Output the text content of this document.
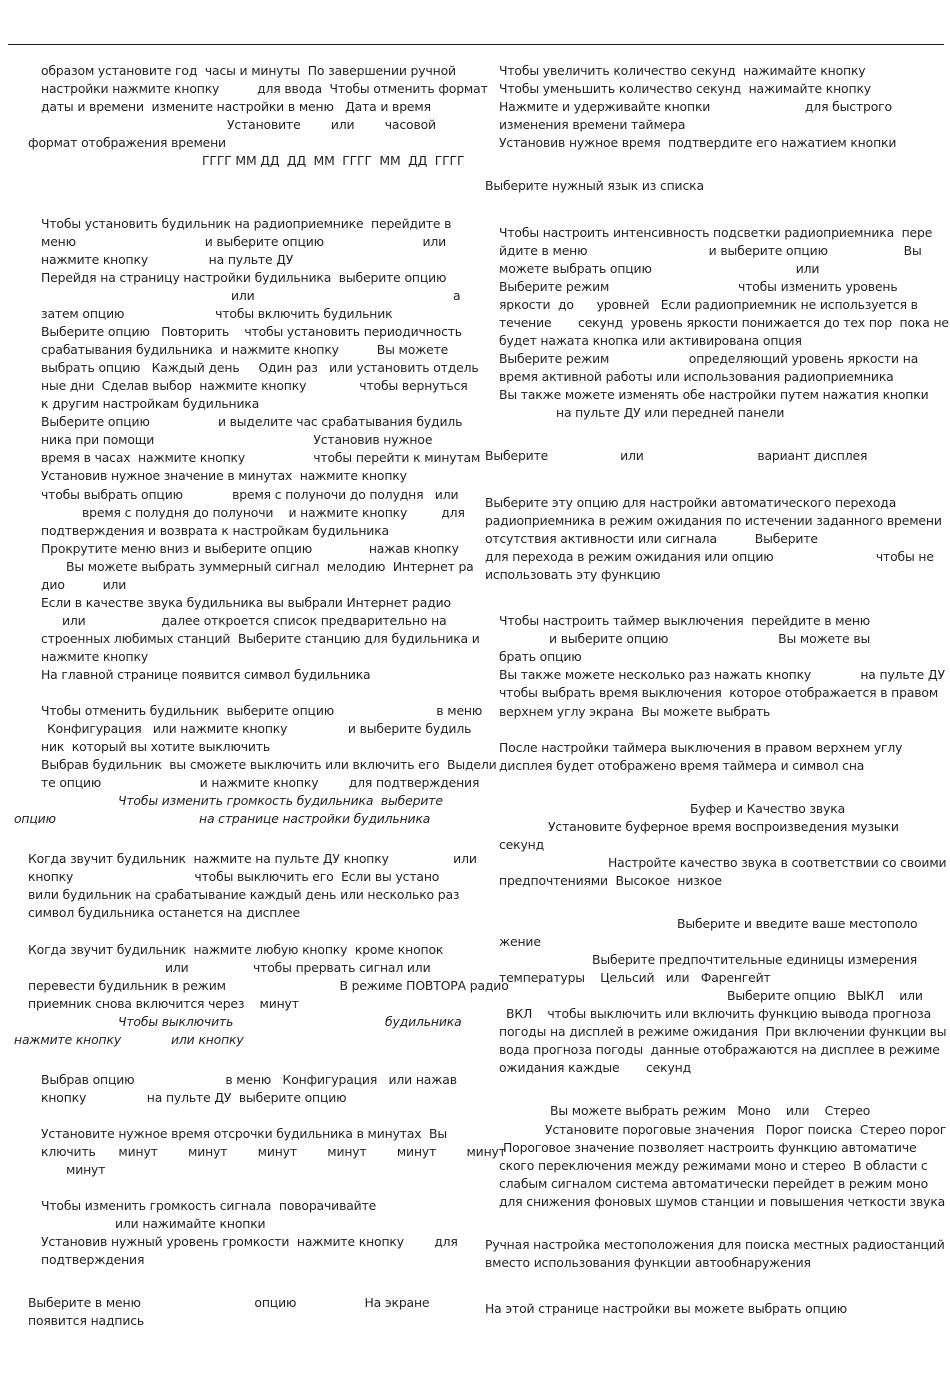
образом установите год  часы и минуты  По завершении ручной
настройки нажмите кнопку          для ввода  Чтобы отменить формат
даты и времени  измените настройки в меню   Дата и время
Установите        или        часовой
формат отображения времени
ГГГГ ММ ДД  ДД  ММ  ГГГГ  ММ  ДД  ГГГГ
Чтобы установить будильник на радиоприемнике  перейдите в
меню                                  и выберите опцию                          или
нажмите кнопку                на пульте ДУ
Перейдя на страницу настройки будильника  выберите опцию
или	а
затем опцию                        чтобы включить будильник
Выберите опцию   Повторить    чтобы установить периодичность
срабатывания будильника  и нажмите кнопку          Вы можете
выбрать опцию   Каждый день     Один раз   или установить отдель
ные дни  Сделав выбор  нажмите кнопку              чтобы вернуться
к другим настройкам будильника
Выберите опцию                  и выделите час срабатывания будиль
ника при помощи                                          Установив нужное
время в часах  нажмите кнопку                  чтобы перейти к минутам
Установив нужное значение в минутах  нажмите кнопку
чтобы выбрать опцию             время с полуночи до полудня   или
время с полудня до полуночи    и нажмите кнопку         для
подтверждения и возврата к настройкам будильника
Прокрутите меню вниз и выберите опцию               нажав кнопку
Вы можете выбрать зуммерный сигнал  мелодию  Интернет ра
дио          или
Если в качестве звука будильника вы выбрали Интернет радио
или                    далее откроется список предварительно на
строенных любимых станций  Выберите станцию для будильника и
нажмите кнопку
На главной странице появится символ будильника
Чтобы отменить будильник  выберите опцию                           в меню
Конфигурация   или нажмите кнопку                и выберите будиль
ник  который вы хотите выключить
Выбрав будильник  вы сможете выключить или включить его  Выдели
те опцию                          и нажмите кнопку        для подтверждения
Чтобы изменить громкость будильника  выберите
опцию	на странице настройки будильника
Когда звучит будильник  нажмите на пульте ДУ кнопку                 или
кнопку                                чтобы выключить его  Если вы устано
вили будильник на срабатывание каждый день или несколько раз
символ будильника останется на дисплее
Когда звучит будильник  нажмите любую кнопку  кроме кнопок
или                 чтобы прервать сигнал или
перевести будильник в режим                              В режиме ПОВТОРА радио
приемник снова включится через    минут
Чтобы выключить	будильника
нажмите кнопку	или кнопку
Выбрав опцию                        в меню   Конфигурация   или нажав
кнопку                на пульте ДУ  выберите опцию
Установите нужное время отсрочки будильника в минутах  Вы
ключить      минут        минут        минут        минут        минут        минут
минут
Чтобы изменить громкость сигнала  поворачивайте
или нажимайте кнопки
Установив нужный уровень громкости  нажмите кнопку        для
подтверждения
Выберите в меню                              опцию                  На экране
появится надпись
Чтобы увеличить количество секунд  нажимайте кнопку
Чтобы уменьшить количество секунд  нажимайте кнопку
Нажмите и удерживайте кнопки                         для быстрого
изменения времени таймера
Установив нужное время  подтвердите его нажатием кнопки
Выберите нужный язык из списка
Чтобы настроить интенсивность подсветки радиоприемника  пере
йдите в меню                                и выберите опцию                    Вы
можете выбрать опцию                                      или
Выберите режим                                  чтобы изменить уровень
яркости  до      уровней   Если радиоприемник не используется в
течение       секунд  уровень яркости понижается до тех пор  пока не
будет нажата кнопка или активирована опция
Выберите режим                     определяющий уровень яркости на
время активной работы или использования радиоприемника
Вы также можете изменять обе настройки путем нажатия кнопки
на пульте ДУ или передней панели
Выберите                   или                              вариант дисплея
Выберите эту опцию для настройки автоматического перехода
радиоприемника в режим ожидания по истечении заданного времени
отсутствия активности или сигнала          Выберите
для перехода в режим ожидания или опцию                           чтобы не
использовать эту функцию
Чтобы настроить таймер выключения  перейдите в меню
и выберите опцию                             Вы можете вы
брать опцию
Вы также можете несколько раз нажать кнопку             на пульте ДУ
чтобы выбрать время выключения  которое отображается в правом
верхнем углу экрана  Вы можете выбрать
После настройки таймера выключения в правом верхнем углу
дисплея будет отображено время таймера и символ сна
Буфер и Качество звука
Установите буферное время воспроизведения музыки
секунд
Настройте качество звука в соответствии со своими
предпочтениями  Высокое  низкое
Выберите и введите ваше местополо
жение
Выберите предпочтительные единицы измерения
температуры    Цельсий   или   Фаренгейт
Выберите опцию   ВЫКЛ    или
ВКЛ    чтобы выключить или включить функцию вывода прогноза
погоды на дисплей в режиме ожидания  При включении функции вы
вода прогноза погоды  данные отображаются на дисплее в режиме
ожидания каждые       секунд
Вы можете выбрать режим   Моно    или    Стерео
Установите пороговые значения   Порог поиска  Стерео порог
Пороговое значение позволяет настроить функцию автоматиче
ского переключения между режимами моно и стерео  В области с
слабым сигналом система автоматически перейдет в режим моно
для снижения фоновых шумов станции и повышения четкости звука
Ручная настройка местоположения для поиска местных радиостанций
вместо использования функции автообнаружения
На этой странице настройки вы можете выбрать опцию
